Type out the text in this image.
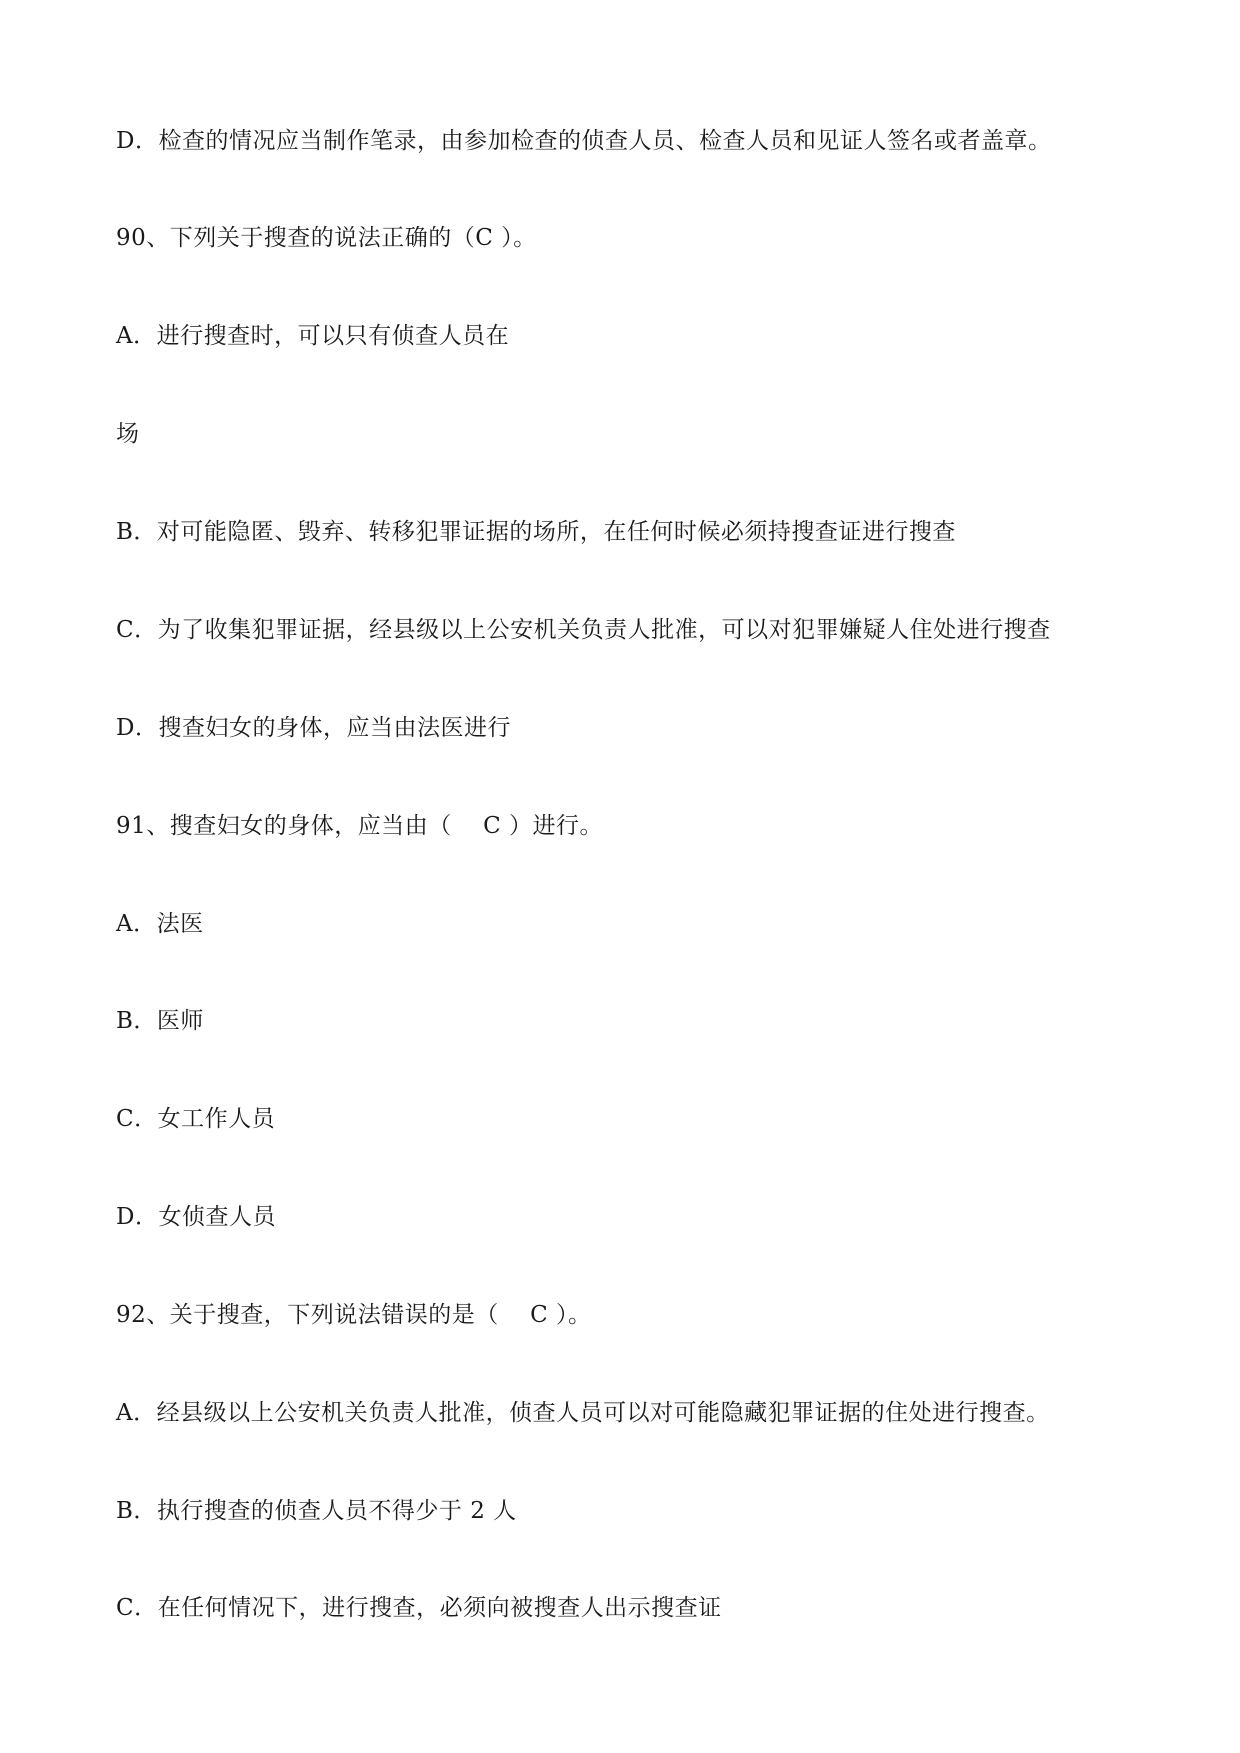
D．检查的情况应当制作笔录，由参加检查的侦查人员、检查人员和见证人签名或者盖章。
90、下列关于搜查的说法正确的（C ）。
A．进行搜查时，可以只有侦查人员在
场
B．对可能隐匿、毁弃、转移犯罪证据的场所，在任何时候必须持搜查证进行搜查
C．为了收集犯罪证据，经县级以上公安机关负责人批准，可以对犯罪嫌疑人住处进行搜查
D．搜查妇女的身体，应当由法医进行
91、搜查妇女的身体，应当由（　 C ）进行。
A．法医
B．医师
C．女工作人员
D．女侦查人员
92、关于搜查，下列说法错误的是（　 C ）。
A．经县级以上公安机关负责人批准，侦查人员可以对可能隐藏犯罪证据的住处进行搜查。
B．执行搜查的侦查人员不得少于 2 人
C．在任何情况下，进行搜查，必须向被搜查人出示搜查证
